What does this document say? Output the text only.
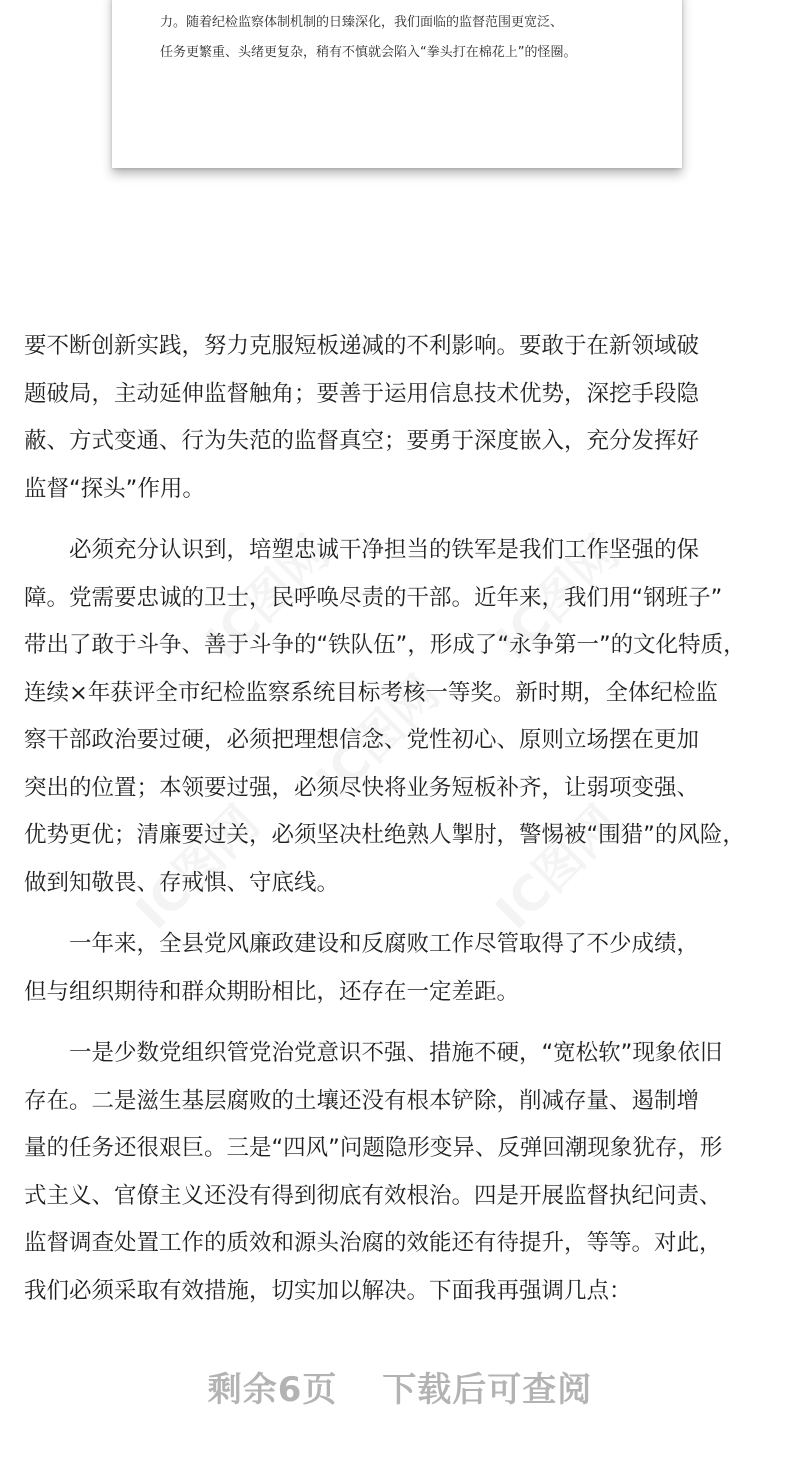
力。随着纪检监察体制机制的日臻深化，我们面临的监督范围更宽泛、
任务更繁重、头绪更复杂，稍有不慎就会陷入“拳头打在棉花上”的怪圈。

要不断创新实践，努力克服短板递减的不利影响。要敢于在新领域破
题破局，主动延伸监督触角；要善于运用信息技术优势，深挖手段隐
蔽、方式变通、行为失范的监督真空；要勇于深度嵌入，充分发挥好
监督“探头”作用。

　　必须充分认识到，培塑忠诚干净担当的铁军是我们工作坚强的保
障。党需要忠诚的卫士，民呼唤尽责的干部。近年来，我们用“钢班子”
带出了敢于斗争、善于斗争的“铁队伍”，形成了“永争第一”的文化特质，
连续×年获评全市纪检监察系统目标考核一等奖。新时期，全体纪检监
察干部政治要过硬，必须把理想信念、党性初心、原则立场摆在更加
突出的位置；本领要过强，必须尽快将业务短板补齐，让弱项变强、
优势更优；清廉要过关，必须坚决杜绝熟人掣肘，警惕被“围猎”的风险，
做到知敬畏、存戒惧、守底线。

　　一年来，全县党风廉政建设和反腐败工作尽管取得了不少成绩，
但与组织期待和群众期盼相比，还存在一定差距。

　　一是少数党组织管党治党意识不强、措施不硬，“宽松软”现象依旧
存在。二是滋生基层腐败的土壤还没有根本铲除，削减存量、遏制增
量的任务还很艰巨。三是“四风”问题隐形变异、反弹回潮现象犹存，形
式主义、官僚主义还没有得到彻底有效根治。四是开展监督执纪问责、
监督调查处置工作的质效和源头治腐的效能还有待提升，等等。对此，
我们必须采取有效措施，切实加以解决。下面我再强调几点：

剩余6页 下载后可查阅
